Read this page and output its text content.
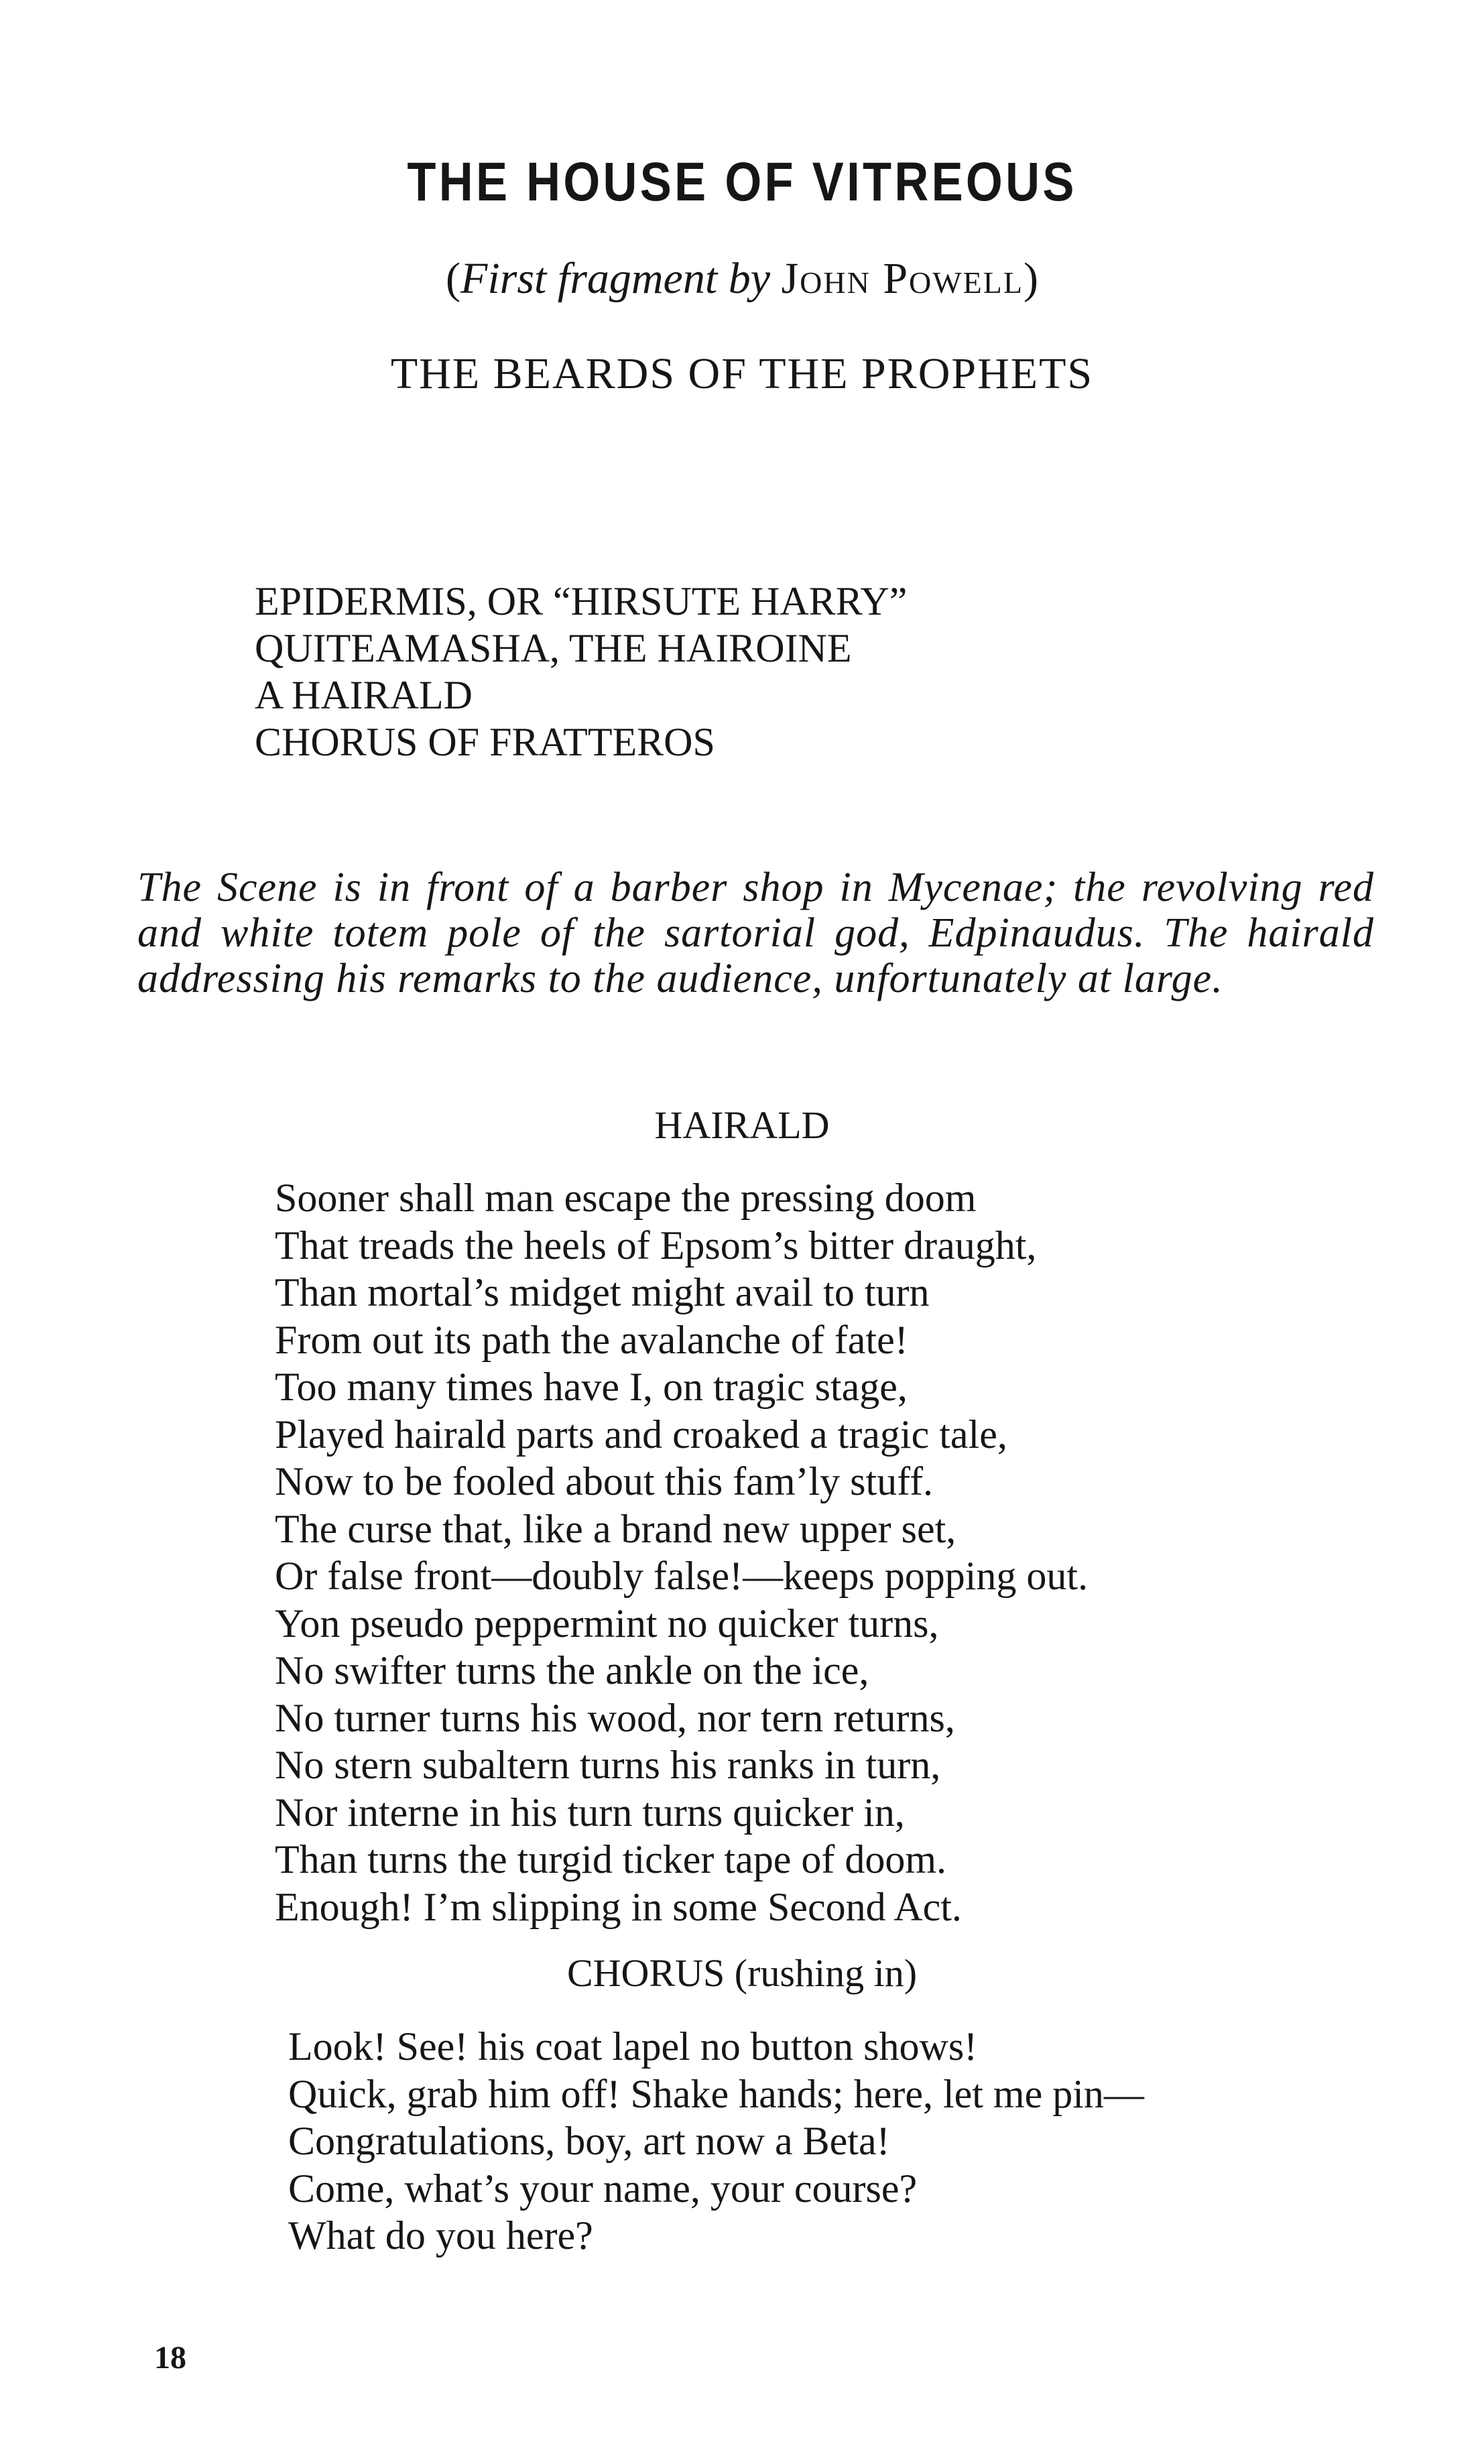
THE HOUSE OF VITREOUS
(First fragment by John Powell)
THE BEARDS OF THE PROPHETS
EPIDERMIS, OR “HIRSUTE HARRY”
QUITEAMASHA, THE HAIROINE
A HAIRALD
CHORUS OF FRATTEROS

The Scene is in front of a barber shop in Mycenae; the revolving red and white totem pole of the sartorial god, Edpinaudus. The hairald addressing his remarks to the audience, unfortunately at large.

HAIRALD
Sooner shall man escape the pressing doom
That treads the heels of Epsom’s bitter draught,
Than mortal’s midget might avail to turn
From out its path the avalanche of fate!
Too many times have I, on tragic stage,
Played hairald parts and croaked a tragic tale,
Now to be fooled about this fam’ly stuff.
The curse that, like a brand new upper set,
Or false front—doubly false!—keeps popping out.
Yon pseudo peppermint no quicker turns,
No swifter turns the ankle on the ice,
No turner turns his wood, nor tern returns,
No stern subaltern turns his ranks in turn,
Nor interne in his turn turns quicker in,
Than turns the turgid ticker tape of doom.
Enough! I’m slipping in some Second Act.
CHORUS (rushing in)
Look! See! his coat lapel no button shows!
Quick, grab him off! Shake hands; here, let me pin—
Congratulations, boy, art now a Beta!
Come, what’s your name, your course?
What do you here?
18
